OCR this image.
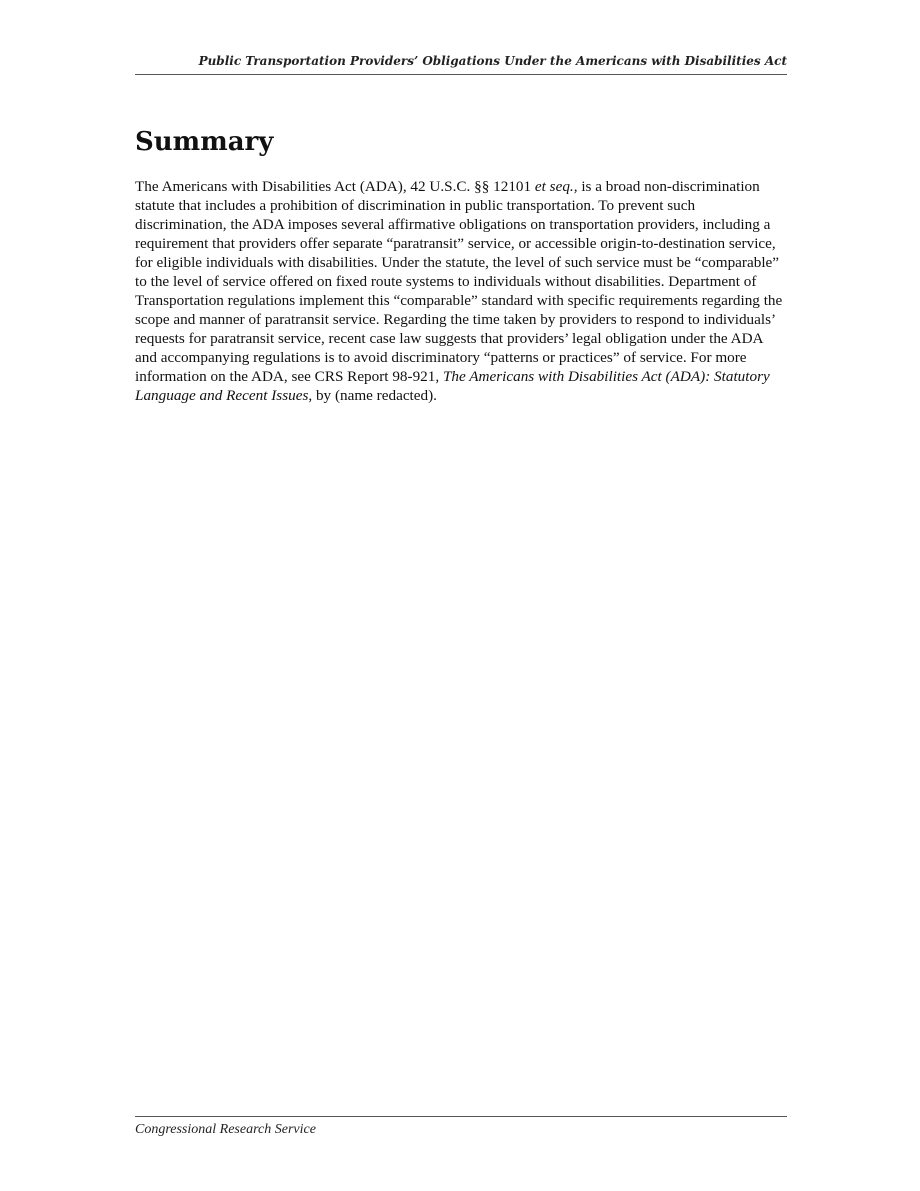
Public Transportation Providers’ Obligations Under the Americans with Disabilities Act
Summary

The Americans with Disabilities Act (ADA), 42 U.S.C. §§ 12101 et seq., is a broad non-discrimination statute that includes a prohibition of discrimination in public transportation. To prevent such discrimination, the ADA imposes several affirmative obligations on transportation providers, including a requirement that providers offer separate “paratransit” service, or accessible origin-to-destination service, for eligible individuals with disabilities. Under the statute, the level of such service must be “comparable” to the level of service offered on fixed route systems to individuals without disabilities. Department of Transportation regulations implement this “comparable” standard with specific requirements regarding the scope and manner of paratransit service. Regarding the time taken by providers to respond to individuals’ requests for paratransit service, recent case law suggests that providers’ legal obligation under the ADA and accompanying regulations is to avoid discriminatory “patterns or practices” of service. For more information on the ADA, see CRS Report 98-921, The Americans with Disabilities Act (ADA): Statutory Language and Recent Issues, by (name redacted).

Congressional Research Service
